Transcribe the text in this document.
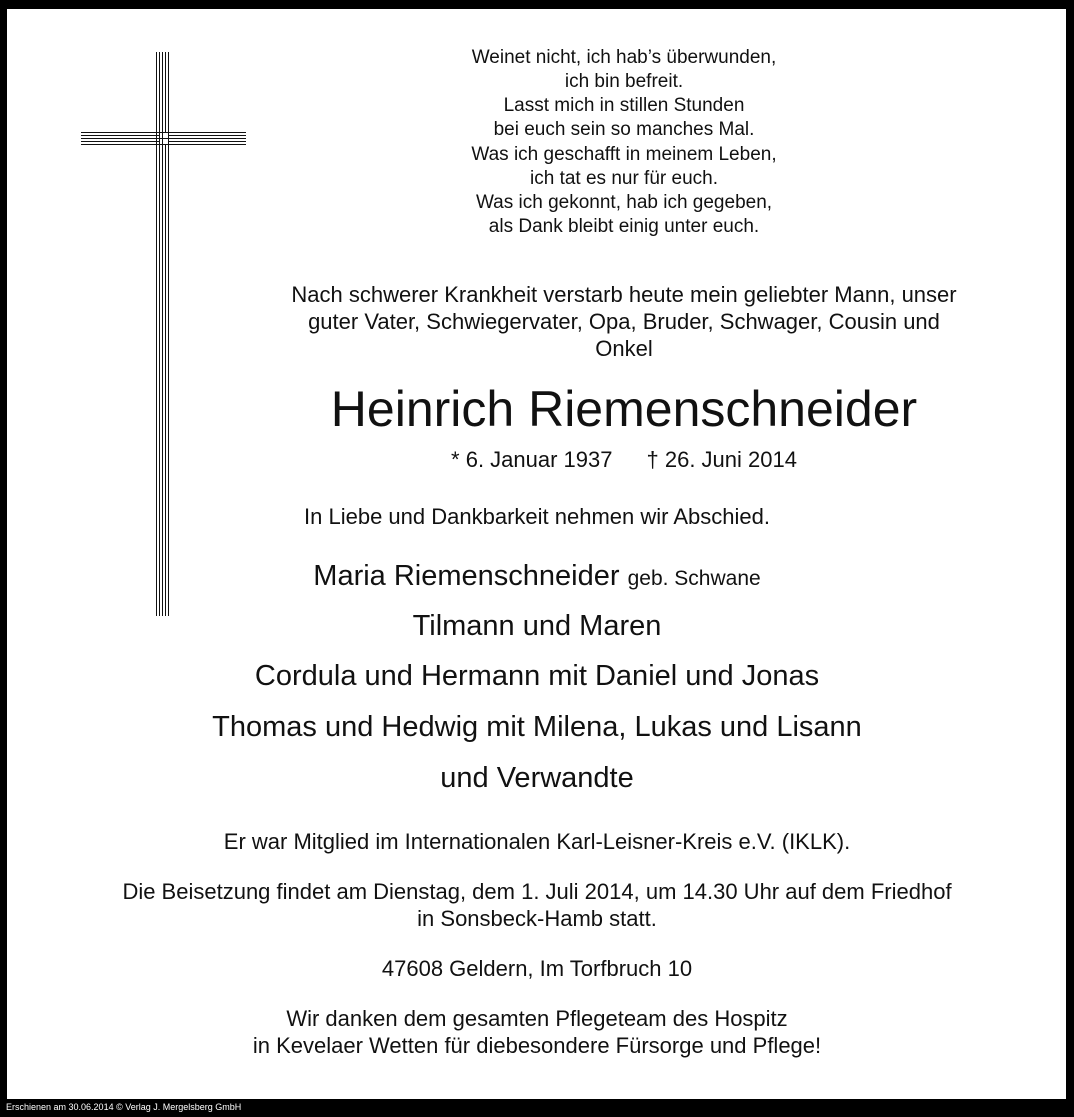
Weinet nicht, ich hab’s überwunden,
ich bin befreit.
Lasst mich in stillen Stunden
bei euch sein so manches Mal.
Was ich geschafft in meinem Leben,
ich tat es nur für euch.
Was ich gekonnt, hab ich gegeben,
als Dank bleibt einig unter euch.
Nach schwerer Krankheit verstarb heute mein geliebter Mann, unser
guter Vater, Schwiegervater, Opa, Bruder, Schwager, Cousin und
Onkel
Heinrich Riemenschneider
* 6. Januar 1937 † 26. Juni 2014
In Liebe und Dankbarkeit nehmen wir Abschied.
Maria Riemenschneider geb. Schwane
Tilmann und Maren
Cordula und Hermann mit Daniel und Jonas
Thomas und Hedwig mit Milena, Lukas und Lisann
und Verwandte
Er war Mitglied im Internationalen Karl-Leisner-Kreis e.V. (IKLK).
Die Beisetzung findet am Dienstag, dem 1. Juli 2014, um 14.30 Uhr auf dem Friedhof
in Sonsbeck-Hamb statt.
47608 Geldern, Im Torfbruch 10
Wir danken dem gesamten Pflegeteam des Hospitz
in Kevelaer Wetten für diebesondere Fürsorge und Pflege!
Erschienen am 30.06.2014 © Verlag J. Mergelsberg GmbH
